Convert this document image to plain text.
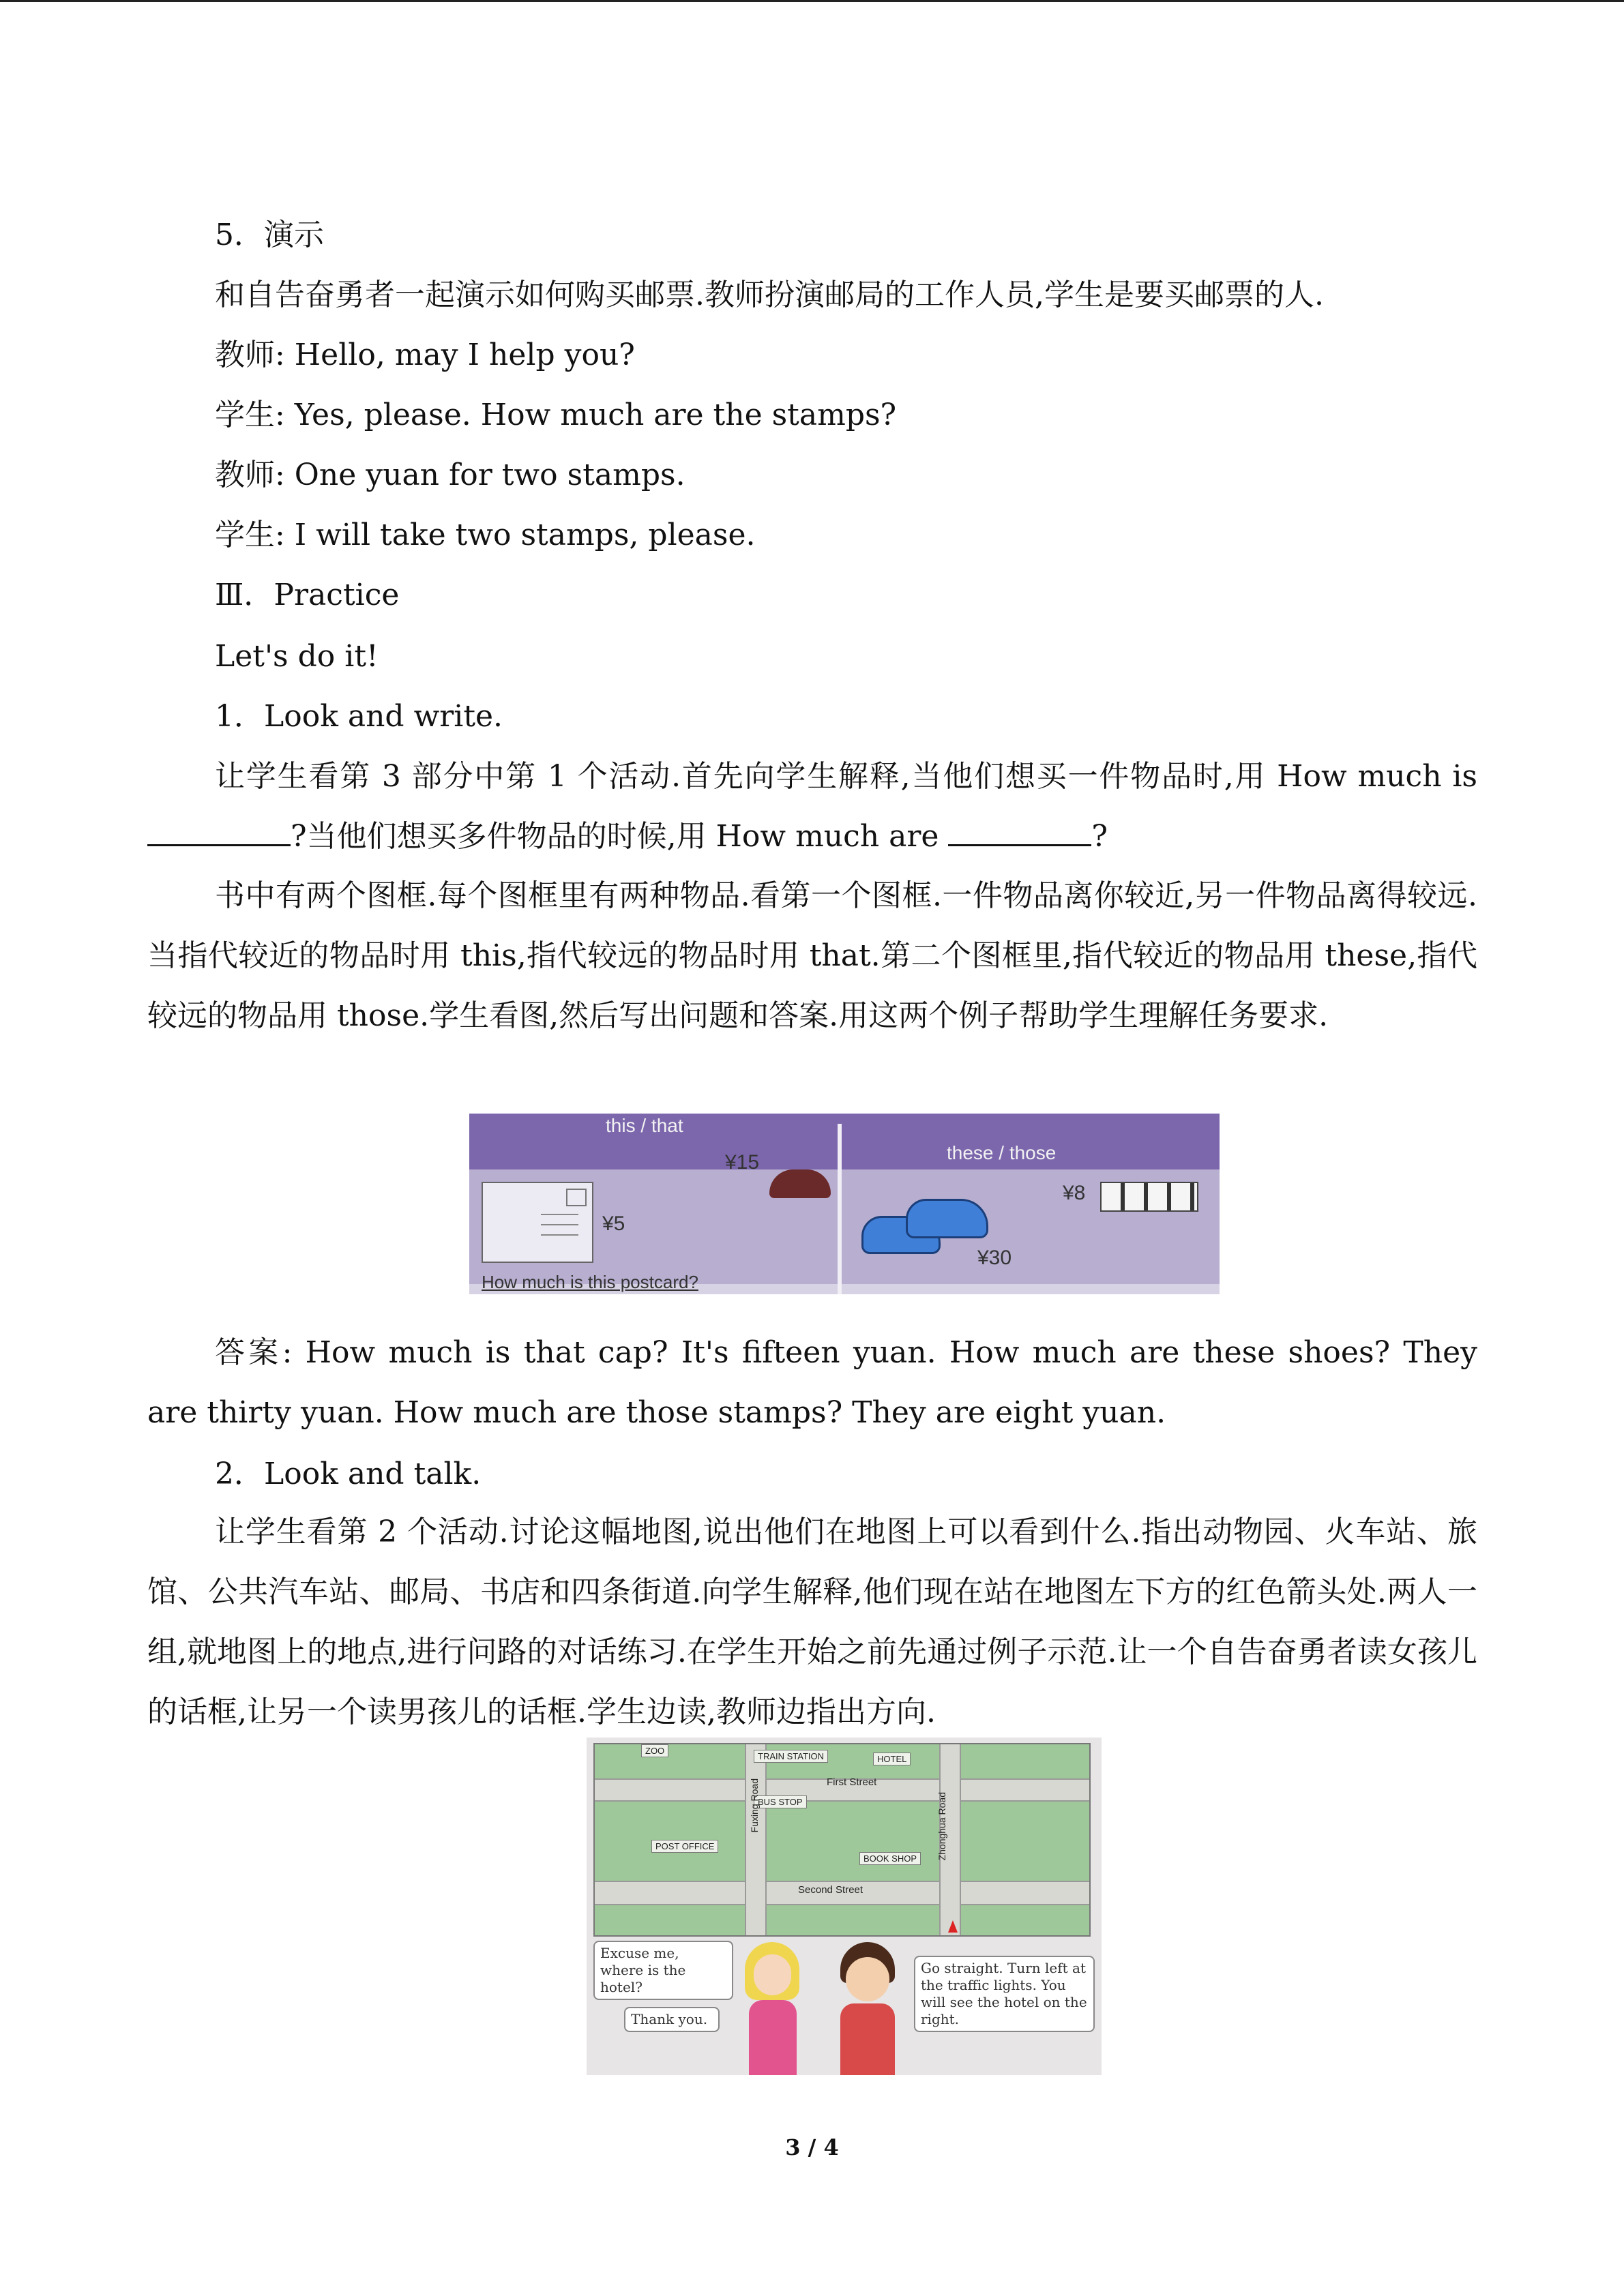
5．演示
和自告奋勇者一起演示如何购买邮票.教师扮演邮局的工作人员,学生是要买邮票的人.
教师: Hello, may I help you?
学生: Yes, please. How much are the stamps?
教师: One yuan for two stamps.
学生: I will take two stamps, please.
Ⅲ．Practice
Let's do it!
1．Look and write.
让学生看第 3 部分中第 1 个活动.首先向学生解释,当他们想买一件物品时,用 How much is ?当他们想买多件物品的时候,用 How much are	?
书中有两个图框.每个图框里有两种物品.看第一个图框.一件物品离你较近,另一件物品离得较远.当指代较近的物品时用 this,指代较远的物品时用 that.第二个图框里,指代较近的物品用 these,指代较远的物品用 those.学生看图,然后写出问题和答案.用这两个例子帮助学生理解任务要求.
this / that
these / those
¥15
¥5
¥30
¥8
How much is this postcard?
答案: How much is that cap? It's fifteen yuan. How much are these shoes? They are thirty yuan. How much are those stamps? They are eight yuan.
2．Look and talk.
让学生看第 2 个活动.讨论这幅地图,说出他们在地图上可以看到什么.指出动物园、火车站、旅馆、公共汽车站、邮局、书店和四条街道.向学生解释,他们现在站在地图左下方的红色箭头处.两人一组,就地图上的地点,进行问路的对话练习.在学生开始之前先通过例子示范.让一个自告奋勇者读女孩儿的话框,让另一个读男孩儿的话框.学生边读,教师边指出方向.
ZOO
TRAIN STATION	HOTEL
First Street
BUS STOP
POST OFFICE
Fuxing Road	Zhonghua Road
BOOK SHOP
Second Street
Excuse me, where is the hotel?
Thank you.
Go straight. Turn left at the traffic lights. You will see the hotel on the right.
3 / 4
